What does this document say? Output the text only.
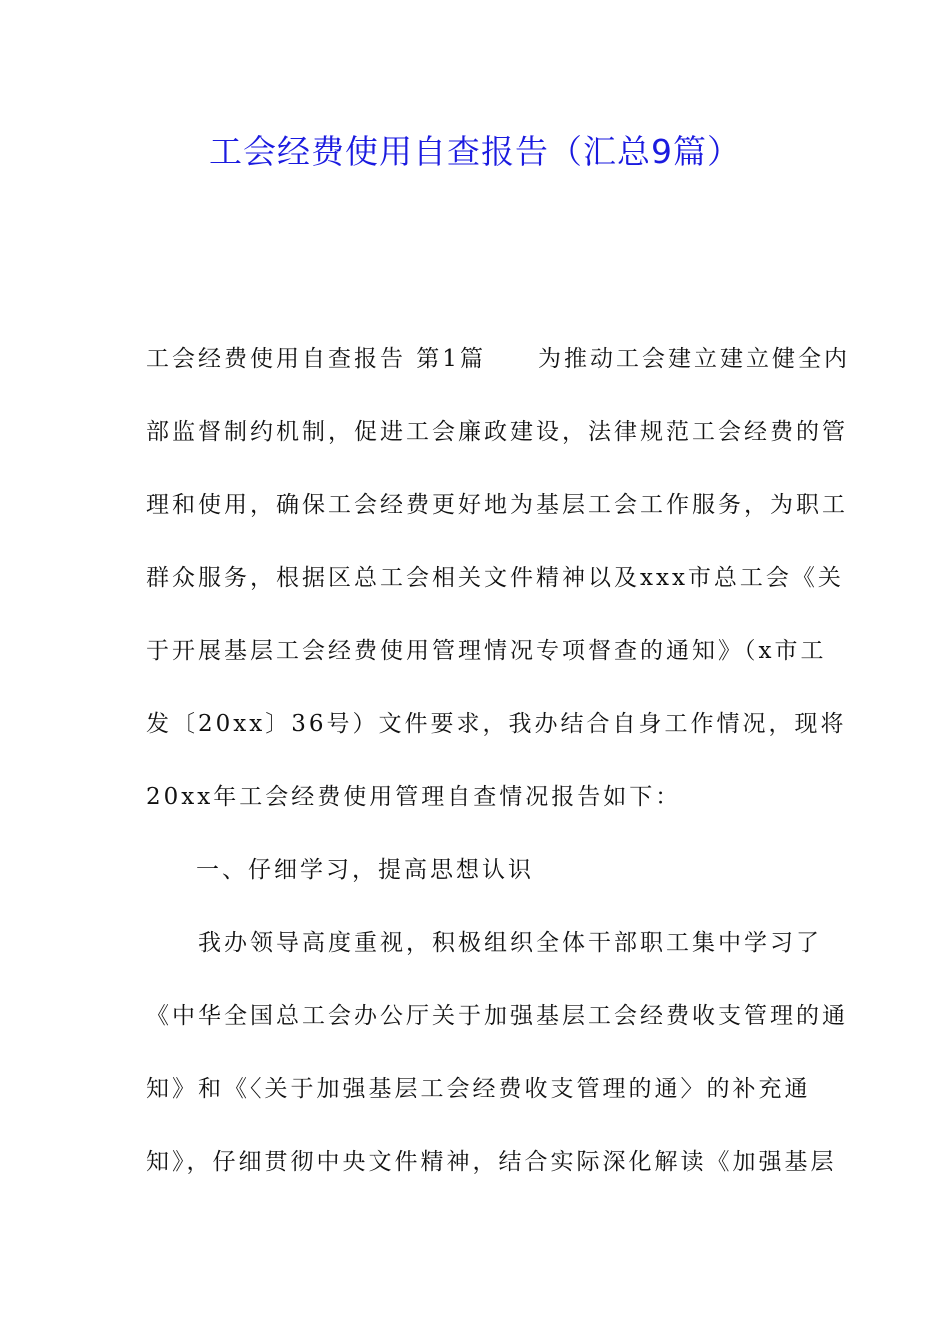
工会经费使用自查报告（汇总9篇）
工会经费使用自查报告 第1篇　　为推动工会建立建立健全内
部监督制约机制，促进工会廉政建设，法律规范工会经费的管
理和使用，确保工会经费更好地为基层工会工作服务，为职工
群众服务，根据区总工会相关文件精神以及xxx市总工会《关
于开展基层工会经费使用管理情况专项督查的通知》（x市工
发〔20xx〕36号）文件要求，我办结合自身工作情况，现将
20xx年工会经费使用管理自查情况报告如下：
一、仔细学习，提高思想认识
我办领导高度重视，积极组织全体干部职工集中学习了
《中华全国总工会办公厅关于加强基层工会经费收支管理的通
知》和《〈关于加强基层工会经费收支管理的通〉的补充通
知》，仔细贯彻中央文件精神，结合实际深化解读《加强基层
